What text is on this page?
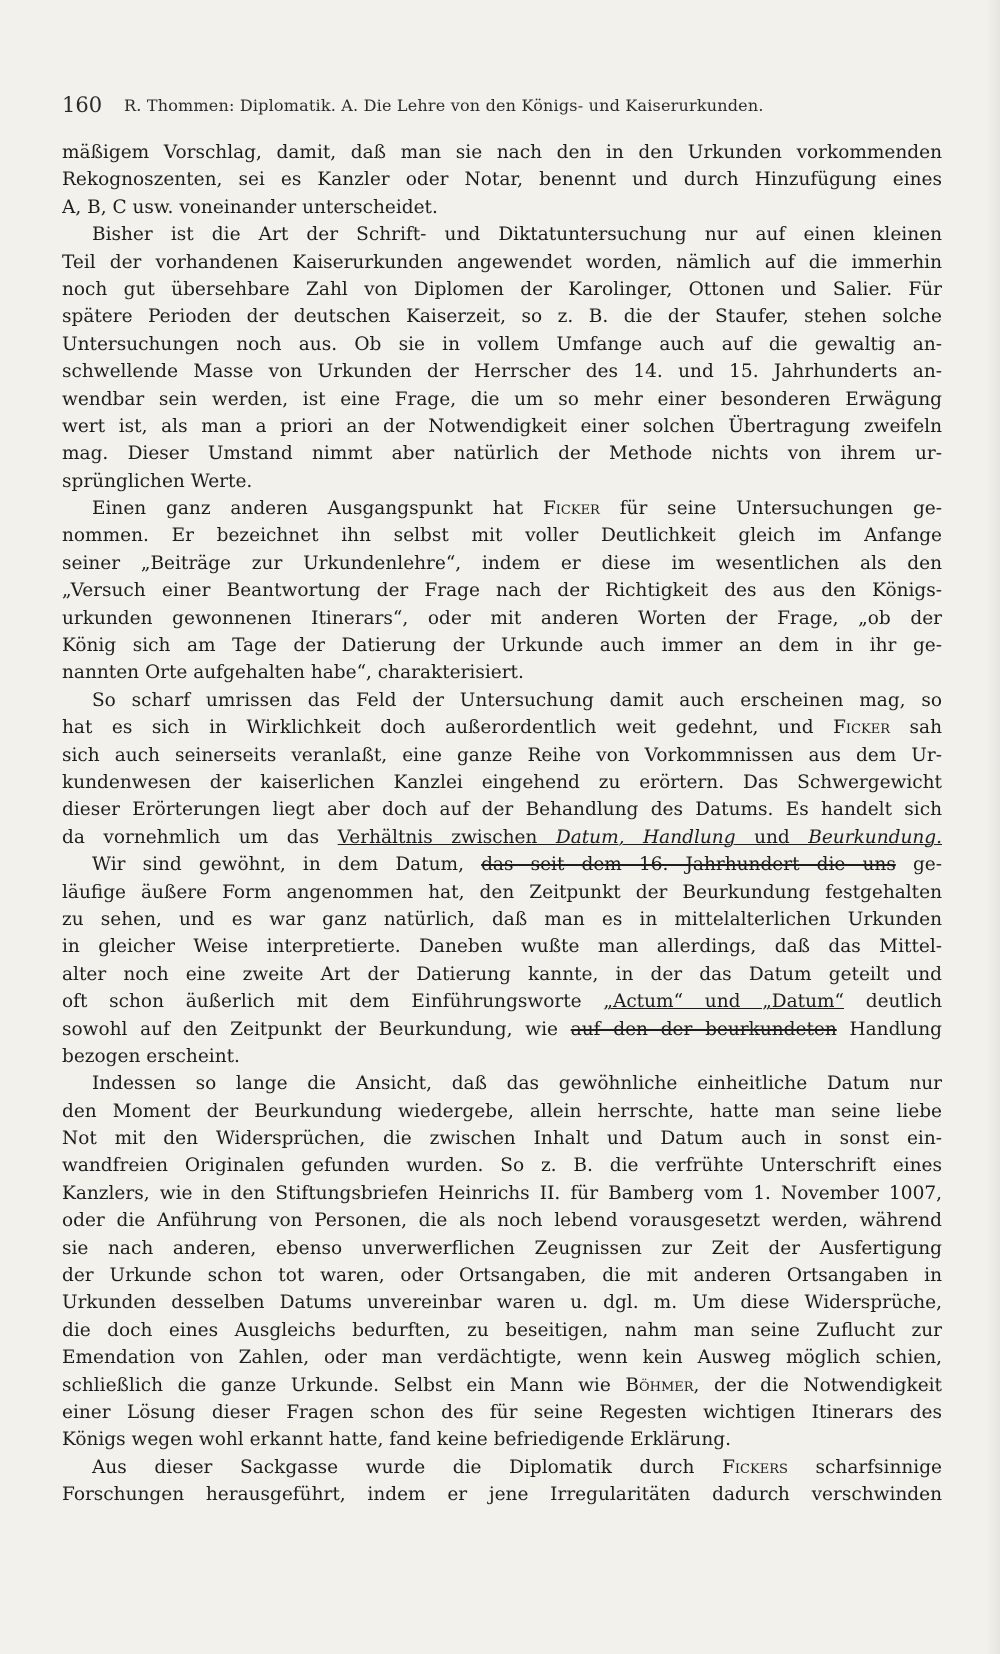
160 R. Thommen: Diplomatik. A. Die Lehre von den Königs- und Kaiserurkunden.
mäßigem Vorschlag, damit, daß man sie nach den in den Urkunden vorkommenden
Rekognoszenten, sei es Kanzler oder Notar, benennt und durch Hinzufügung eines
A, B, C usw. voneinander unterscheidet.
Bisher ist die Art der Schrift- und Diktatuntersuchung nur auf einen kleinen
Teil der vorhandenen Kaiserurkunden angewendet worden, nämlich auf die immerhin
noch gut übersehbare Zahl von Diplomen der Karolinger, Ottonen und Salier. Für
spätere Perioden der deutschen Kaiserzeit, so z. B. die der Staufer, stehen solche
Untersuchungen noch aus. Ob sie in vollem Umfange auch auf die gewaltig an-
schwellende Masse von Urkunden der Herrscher des 14. und 15. Jahrhunderts an-
wendbar sein werden, ist eine Frage, die um so mehr einer besonderen Erwägung
wert ist, als man a priori an der Notwendigkeit einer solchen Übertragung zweifeln
mag. Dieser Umstand nimmt aber natürlich der Methode nichts von ihrem ur-
sprünglichen Werte.
Einen ganz anderen Ausgangspunkt hat Ficker für seine Untersuchungen ge-
nommen. Er bezeichnet ihn selbst mit voller Deutlichkeit gleich im Anfange
seiner „Beiträge zur Urkundenlehre“, indem er diese im wesentlichen als den
„Versuch einer Beantwortung der Frage nach der Richtigkeit des aus den Königs-
urkunden gewonnenen Itinerars“, oder mit anderen Worten der Frage, „ob der
König sich am Tage der Datierung der Urkunde auch immer an dem in ihr ge-
nannten Orte aufgehalten habe“, charakterisiert.
So scharf umrissen das Feld der Untersuchung damit auch erscheinen mag, so
hat es sich in Wirklichkeit doch außerordentlich weit gedehnt, und Ficker sah
sich auch seinerseits veranlaßt, eine ganze Reihe von Vorkommnissen aus dem Ur-
kundenwesen der kaiserlichen Kanzlei eingehend zu erörtern. Das Schwergewicht
dieser Erörterungen liegt aber doch auf der Behandlung des Datums. Es handelt sich
da vornehmlich um das Verhältnis zwischen Datum, Handlung und Beurkundung.
Wir sind gewöhnt, in dem Datum, das seit dem 16. Jahrhundert die uns ge-
läufige äußere Form angenommen hat, den Zeitpunkt der Beurkundung festgehalten
zu sehen, und es war ganz natürlich, daß man es in mittelalterlichen Urkunden
in gleicher Weise interpretierte. Daneben wußte man allerdings, daß das Mittel-
alter noch eine zweite Art der Datierung kannte, in der das Datum geteilt und
oft schon äußerlich mit dem Einführungsworte „Actum“ und „Datum“ deutlich
sowohl auf den Zeitpunkt der Beurkundung, wie auf den der beurkundeten Handlung
bezogen erscheint.
Indessen so lange die Ansicht, daß das gewöhnliche einheitliche Datum nur
den Moment der Beurkundung wiedergebe, allein herrschte, hatte man seine liebe
Not mit den Widersprüchen, die zwischen Inhalt und Datum auch in sonst ein-
wandfreien Originalen gefunden wurden. So z. B. die verfrühte Unterschrift eines
Kanzlers, wie in den Stiftungsbriefen Heinrichs II. für Bamberg vom 1. November 1007,
oder die Anführung von Personen, die als noch lebend vorausgesetzt werden, während
sie nach anderen, ebenso unverwerflichen Zeugnissen zur Zeit der Ausfertigung
der Urkunde schon tot waren, oder Ortsangaben, die mit anderen Ortsangaben in
Urkunden desselben Datums unvereinbar waren u. dgl. m. Um diese Widersprüche,
die doch eines Ausgleichs bedurften, zu beseitigen, nahm man seine Zuflucht zur
Emendation von Zahlen, oder man verdächtigte, wenn kein Ausweg möglich schien,
schließlich die ganze Urkunde. Selbst ein Mann wie Böhmer, der die Notwendigkeit
einer Lösung dieser Fragen schon des für seine Regesten wichtigen Itinerars des
Königs wegen wohl erkannt hatte, fand keine befriedigende Erklärung.
Aus dieser Sackgasse wurde die Diplomatik durch Fickers scharfsinnige
Forschungen herausgeführt, indem er jene Irregularitäten dadurch verschwinden
